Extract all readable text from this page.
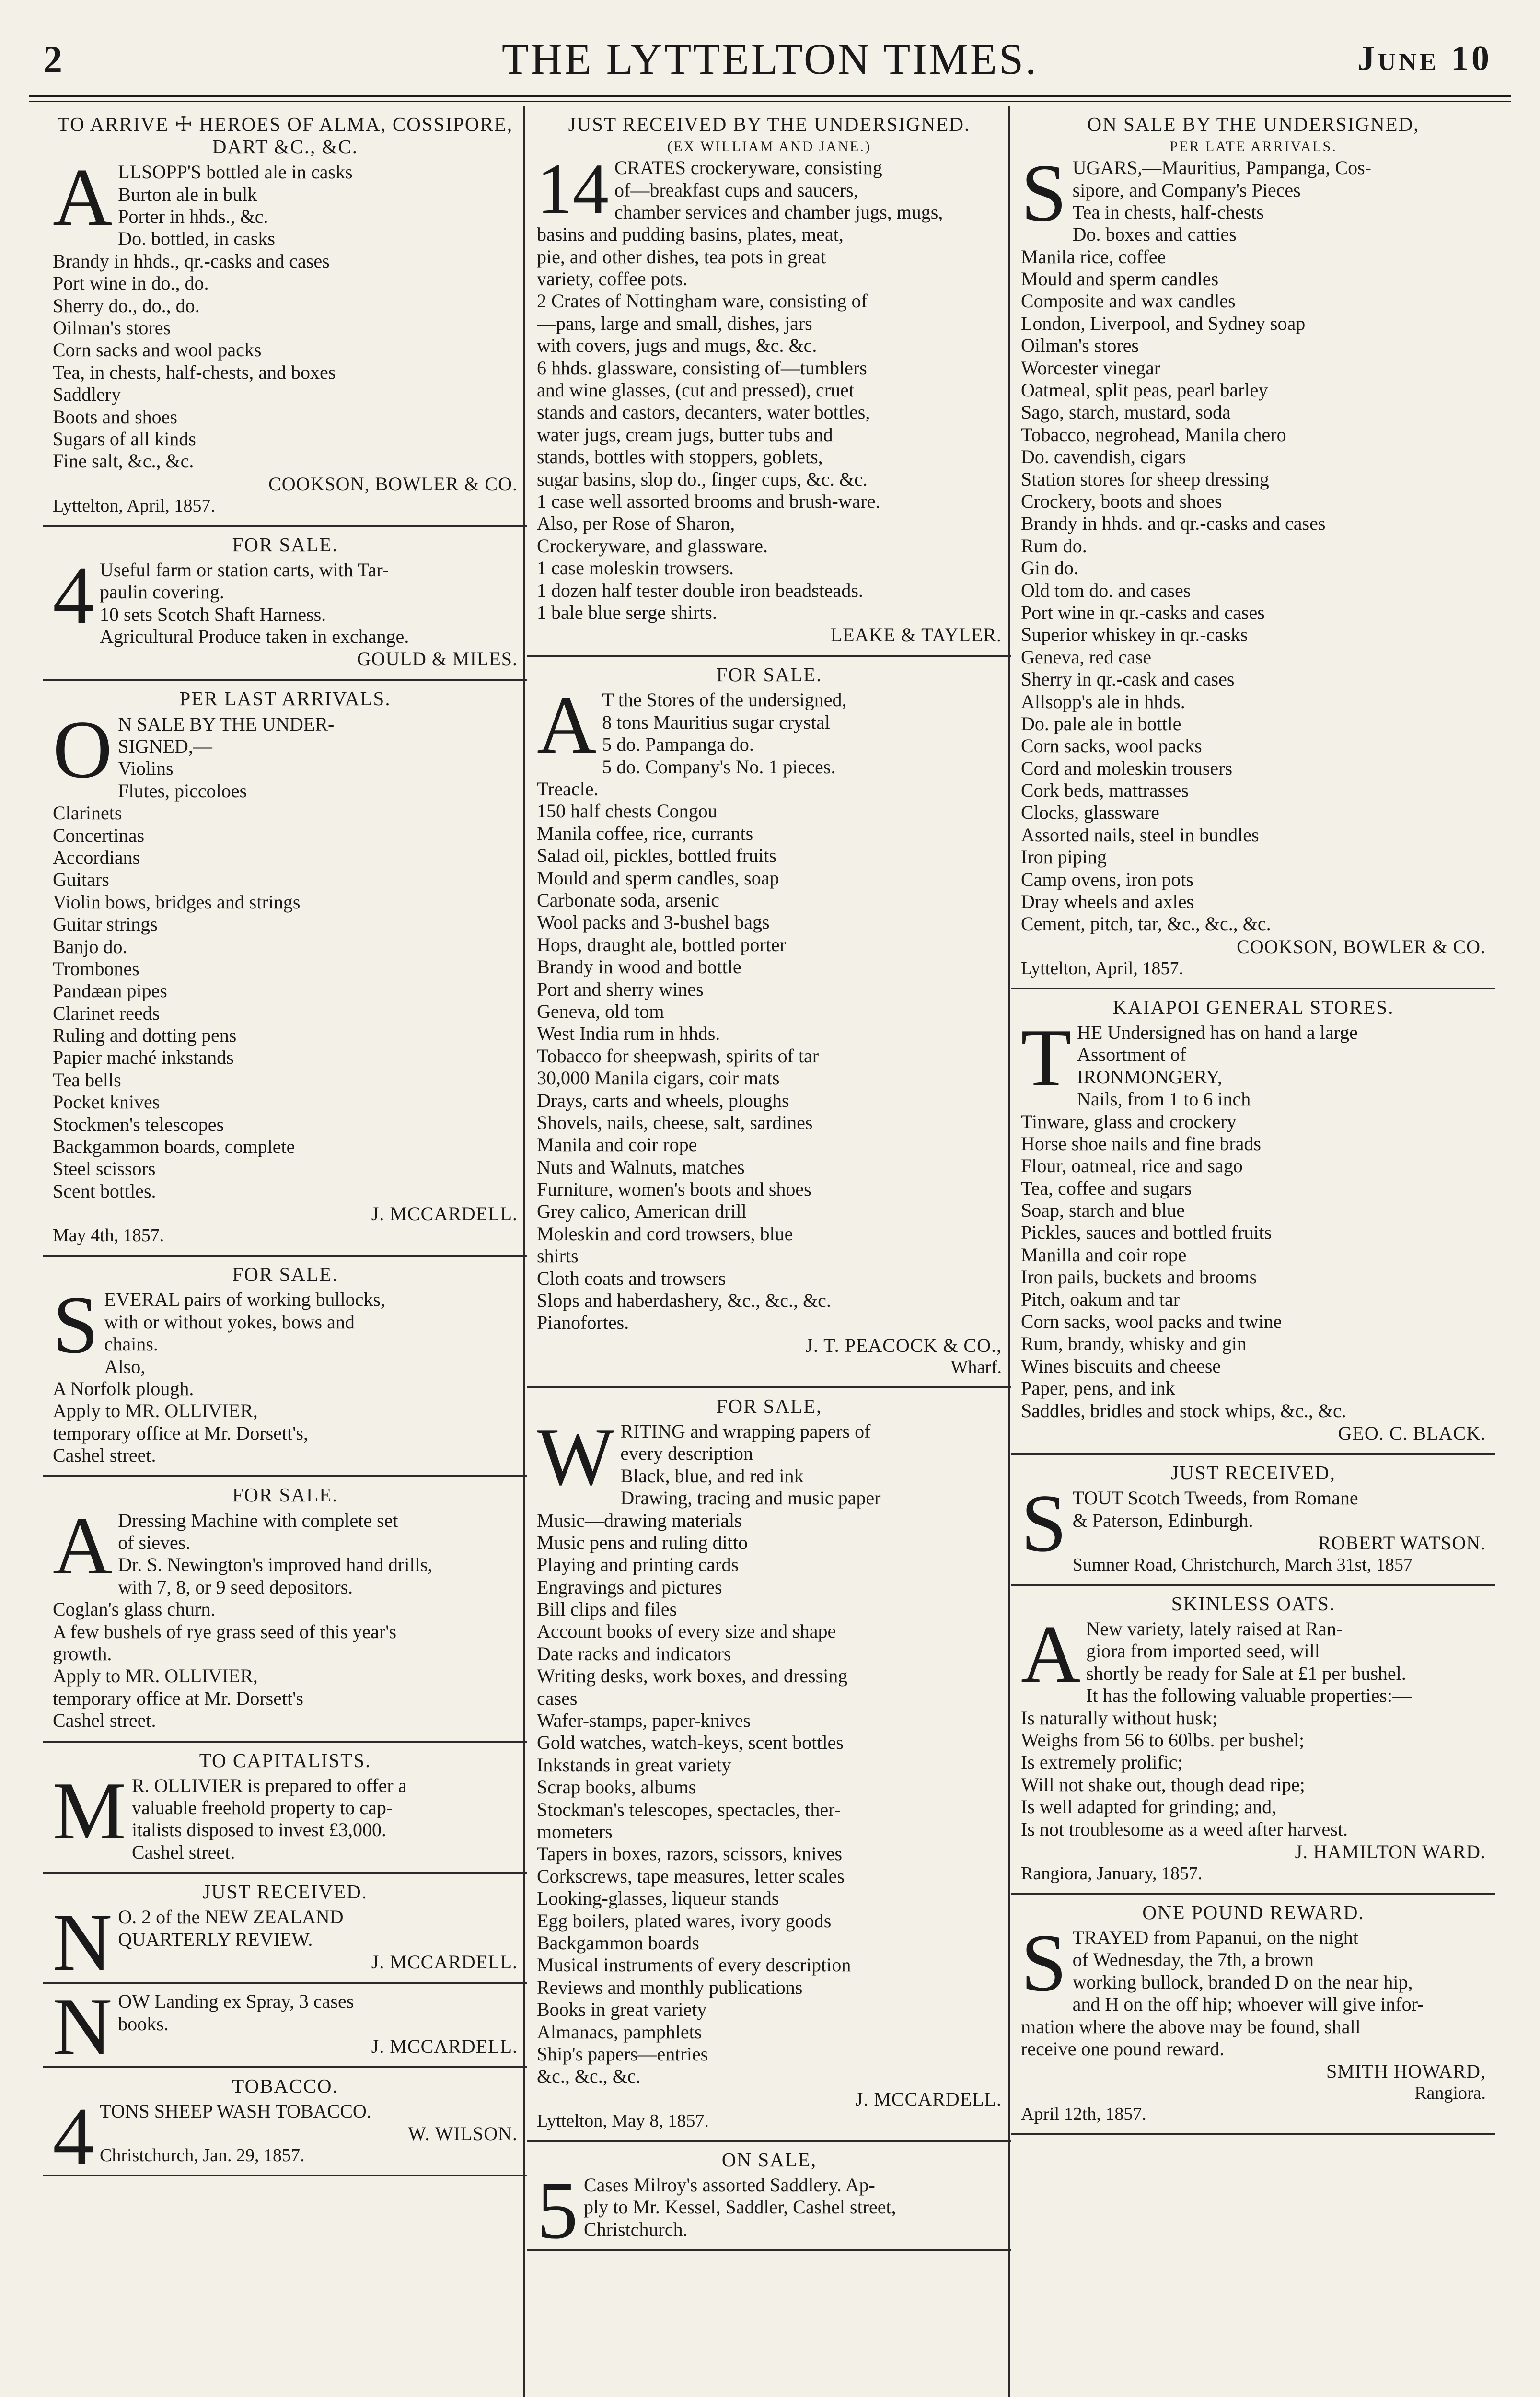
2	THE LYTTELTON TIMES.	June 10
TO ARRIVE ☩ HEROES OF ALMA, COSSIPORE, DART &C., &C.
A LLSOPP'S bottled ale in casks
Burton ale in bulk
Porter in hhds., &c.
Do. bottled, in casks
Brandy in hhds., qr.-casks and cases
Port wine in do., do.
Sherry do., do., do.
Oilman's stores
Corn sacks and wool packs
Tea, in chests, half-chests, and boxes
Saddlery
Boots and shoes
Sugars of all kinds
Fine salt, &c., &c.
COOKSON, BOWLER & CO.
Lyttelton, April, 1857.
FOR SALE.
4 Useful farm or station carts, with Tar-
paulin covering.
10 sets Scotch Shaft Harness.
Agricultural Produce taken in exchange.
GOULD & MILES.
PER LAST ARRIVALS.
O N SALE BY THE UNDER-
SIGNED,—
Violins
Flutes, piccoloes
Clarinets
Concertinas
Accordians
Guitars
Violin bows, bridges and strings
Guitar strings
Banjo do.
Trombones
Pandæan pipes
Clarinet reeds
Ruling and dotting pens
Papier maché inkstands
Tea bells
Pocket knives
Stockmen's telescopes
Backgammon boards, complete
Steel scissors
Scent bottles.
J. MCCARDELL.
May 4th, 1857.
FOR SALE.
S EVERAL pairs of working bullocks,
with or without yokes, bows and
chains.
Also,
A Norfolk plough.
Apply to MR. OLLIVIER,
temporary office at Mr. Dorsett's,
Cashel street.
FOR SALE.
A Dressing Machine with complete set
of sieves.
Dr. S. Newington's improved hand drills,
with 7, 8, or 9 seed depositors.
Coglan's glass churn.
A few bushels of rye grass seed of this year's
growth.
Apply to MR. OLLIVIER,
temporary office at Mr. Dorsett's
Cashel street.
TO CAPITALISTS.
M R. OLLIVIER is prepared to offer a
valuable freehold property to cap-
italists disposed to invest £3,000.
Cashel street.
JUST RECEIVED.
N O. 2 of the NEW ZEALAND
QUARTERLY REVIEW.
J. MCCARDELL.
N OW Landing ex Spray, 3 cases
books.
J. MCCARDELL.
TOBACCO.
4 TONS SHEEP WASH TOBACCO.
W. WILSON.
Christchurch, Jan. 29, 1857.
JUST RECEIVED BY THE UNDERSIGNED.
(EX WILLIAM AND JANE.)
14 CRATES crockeryware, consisting
of—breakfast cups and saucers,
chamber services and chamber jugs, mugs,
basins and pudding basins, plates, meat,
pie, and other dishes, tea pots in great
variety, coffee pots.
2 Crates of Nottingham ware, consisting of
—pans, large and small, dishes, jars
with covers, jugs and mugs, &c. &c.
6 hhds. glassware, consisting of—tumblers
and wine glasses, (cut and pressed), cruet
stands and castors, decanters, water bottles,
water jugs, cream jugs, butter tubs and
stands, bottles with stoppers, goblets,
sugar basins, slop do., finger cups, &c. &c.
1 case well assorted brooms and brush-ware.
Also, per Rose of Sharon,
Crockeryware, and glassware.
1 case moleskin trowsers.
1 dozen half tester double iron beadsteads.
1 bale blue serge shirts.
LEAKE & TAYLER.
FOR SALE.
A T the Stores of the undersigned,
8 tons Mauritius sugar crystal
5 do. Pampanga do.
5 do. Company's No. 1 pieces.
Treacle.
150 half chests Congou
Manila coffee, rice, currants
Salad oil, pickles, bottled fruits
Mould and sperm candles, soap
Carbonate soda, arsenic
Wool packs and 3-bushel bags
Hops, draught ale, bottled porter
Brandy in wood and bottle
Port and sherry wines
Geneva, old tom
West India rum in hhds.
Tobacco for sheepwash, spirits of tar
30,000 Manila cigars, coir mats
Drays, carts and wheels, ploughs
Shovels, nails, cheese, salt, sardines
Manila and coir rope
Nuts and Walnuts, matches
Furniture, women's boots and shoes
Grey calico, American drill
Moleskin and cord trowsers, blue
shirts
Cloth coats and trowsers
Slops and haberdashery, &c., &c., &c.
Pianofortes.
J. T. PEACOCK & CO.,
Wharf.
FOR SALE,
W RITING and wrapping papers of
every description
Black, blue, and red ink
Drawing, tracing and music paper
Music—drawing materials
Music pens and ruling ditto
Playing and printing cards
Engravings and pictures
Bill clips and files
Account books of every size and shape
Date racks and indicators
Writing desks, work boxes, and dressing
cases
Wafer-stamps, paper-knives
Gold watches, watch-keys, scent bottles
Inkstands in great variety
Scrap books, albums
Stockman's telescopes, spectacles, ther-
mometers
Tapers in boxes, razors, scissors, knives
Corkscrews, tape measures, letter scales
Looking-glasses, liqueur stands
Egg boilers, plated wares, ivory goods
Backgammon boards
Musical instruments of every description
Reviews and monthly publications
Books in great variety
Almanacs, pamphlets
Ship's papers—entries
&c., &c., &c.
J. MCCARDELL.
Lyttelton, May 8, 1857.
ON SALE,
5 Cases Milroy's assorted Saddlery. Ap-
ply to Mr. Kessel, Saddler, Cashel street,
Christchurch.
ON SALE BY THE UNDERSIGNED,
PER LATE ARRIVALS.
S UGARS,—Mauritius, Pampanga, Cos-
sipore, and Company's Pieces
Tea in chests, half-chests
Do. boxes and catties
Manila rice, coffee
Mould and sperm candles
Composite and wax candles
London, Liverpool, and Sydney soap
Oilman's stores
Worcester vinegar
Oatmeal, split peas, pearl barley
Sago, starch, mustard, soda
Tobacco, negrohead, Manila chero
Do. cavendish, cigars
Station stores for sheep dressing
Crockery, boots and shoes
Brandy in hhds. and qr.-casks and cases
Rum do.
Gin do.
Old tom do. and cases
Port wine in qr.-casks and cases
Superior whiskey in qr.-casks
Geneva, red case
Sherry in qr.-cask and cases
Allsopp's ale in hhds.
Do. pale ale in bottle
Corn sacks, wool packs
Cord and moleskin trousers
Cork beds, mattrasses
Clocks, glassware
Assorted nails, steel in bundles
Iron piping
Camp ovens, iron pots
Dray wheels and axles
Cement, pitch, tar, &c., &c., &c.
COOKSON, BOWLER & CO.
Lyttelton, April, 1857.
KAIAPOI GENERAL STORES.
T HE Undersigned has on hand a large
Assortment of
IRONMONGERY,
Nails, from 1 to 6 inch
Tinware, glass and crockery
Horse shoe nails and fine brads
Flour, oatmeal, rice and sago
Tea, coffee and sugars
Soap, starch and blue
Pickles, sauces and bottled fruits
Manilla and coir rope
Iron pails, buckets and brooms
Pitch, oakum and tar
Corn sacks, wool packs and twine
Rum, brandy, whisky and gin
Wines biscuits and cheese
Paper, pens, and ink
Saddles, bridles and stock whips, &c., &c.
GEO. C. BLACK.
JUST RECEIVED,
S TOUT Scotch Tweeds, from Romane
& Paterson, Edinburgh.
ROBERT WATSON.
Sumner Road, Christchurch, March 31st, 1857
SKINLESS OATS.
A New variety, lately raised at Ran-
giora from imported seed, will
shortly be ready for Sale at £1 per bushel.
It has the following valuable properties:—
Is naturally without husk;
Weighs from 56 to 60lbs. per bushel;
Is extremely prolific;
Will not shake out, though dead ripe;
Is well adapted for grinding; and,
Is not troublesome as a weed after harvest.
J. HAMILTON WARD.
Rangiora, January, 1857.
ONE POUND REWARD.
S TRAYED from Papanui, on the night
of Wednesday, the 7th, a brown
working bullock, branded D on the near hip,
and H on the off hip; whoever will give infor-
mation where the above may be found, shall
receive one pound reward.
SMITH HOWARD,
Rangiora.
April 12th, 1857.
